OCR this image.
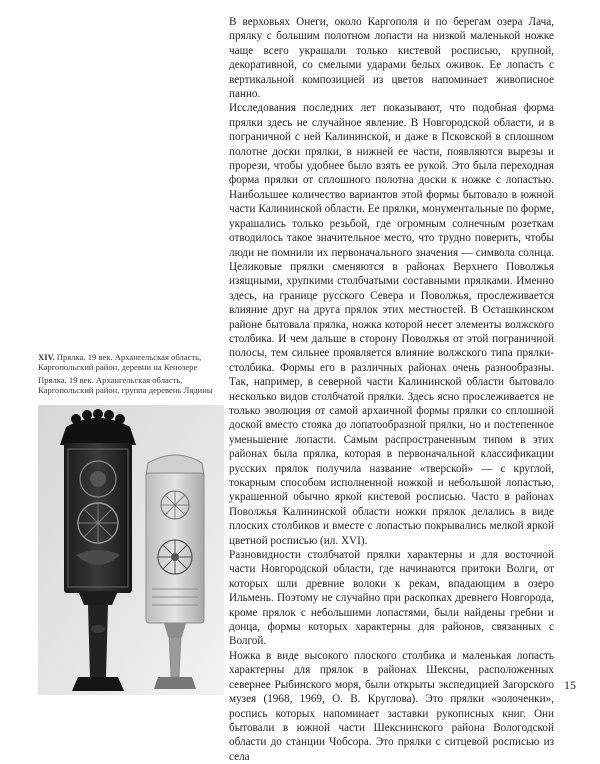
XIV. Прялка. 19 век. Архангельская область, Каргопольский район, деревни на Кенозере

Прялка. 19 век. Архангельская область, Каргопольский район, группа деревень Лядины

В верховьях Онеги, около Каргополя и по берегам озера Лача, прялку с большим полотном лопасти на низкой маленькой ножке чаще всего украшали только кистевой росписью, крупной, декоративной, со смелыми ударами белых оживок. Ее лопасть с вертикальной композицией из цветов напоминает живописное панно.

Исследования последних лет показывают, что подобная форма прялки здесь не случайное явление. В Новгородской области, и в пограничной с ней Калининской, и даже в Псковской в сплошном полотне доски прялки, в нижней ее части, появляются вырезы и прорези, чтобы удобнее было взять ее рукой. Это была переходная форма прялки от сплошного полотна доски к ножке с лопастью. Наибольшее количество вариантов этой формы бытовало в южной части Калининской области. Ее прялки, монументальные по форме, украшались только резьбой, где огромным солнечным розеткам отводилось такое значительное место, что трудно поверить, чтобы люди не помнили их первоначального значения — символа солнца. Целиковые прялки сменяются в районах Верхнего Поволжья изящными, хрупкими столбчатыми составными прялками. Именно здесь, на границе русского Севера и Поволжья, прослеживается влияние друг на друга прялок этих местностей. В Осташкинском районе бытовала прялка, ножка которой несет элементы волжского столбика. И чем дальше в сторону Поволжья от этой пограничной полосы, тем сильнее проявляется влияние волжского типа прялки-столбика. Формы его в различных районах очень разнообразны. Так, например, в северной части Калининской области бытовало несколько видов столбчатой прялки. Здесь ясно прослеживается не только эволюция от самой архаичной формы прялки со сплошной доской вместо стояка до лопатообразной прялки, но и постепенное уменьшение лопасти. Самым распространенным типом в этих районах была прялка, которая в первоначальной классификации русских прялок получила название «тверской» — с круглой, токарным способом исполненной ножкой и небольшой лопастью, украшенной обычно яркой кистевой росписью. Часто в районах Поволжья Калининской области ножки прялок делались в виде плоских столбиков и вместе с лопастью покрывались мелкой яркой цветной росписью (ил. XVI).

Разновидности столбчатой прялки характерны и для восточной части Новгородской области, где начинаются притоки Волги, от которых шли древние волоки к рекам, впадающим в озеро Ильмень. Поэтому не случайно при раскопках древнего Новгорода, кроме прялок с небольшими лопастями, были найдены гребни и донца, формы которых характерны для районов, связанных с Волгой.

Ножка в виде высокого плоского столбика и маленькая лопасть характерны для прялок в районах Шексны, расположенных севернее Рыбинского моря, были открыты экспедицией Загорского музея (1968, 1969, О. В. Круглова). Это прялки «золоченки», роспись которых напоминает заставки рукописных книг. Они бытовали в южной части Шекснинского района Вологодской области до станции Чобсора. Это прялки с ситцевой росписью из села

15
